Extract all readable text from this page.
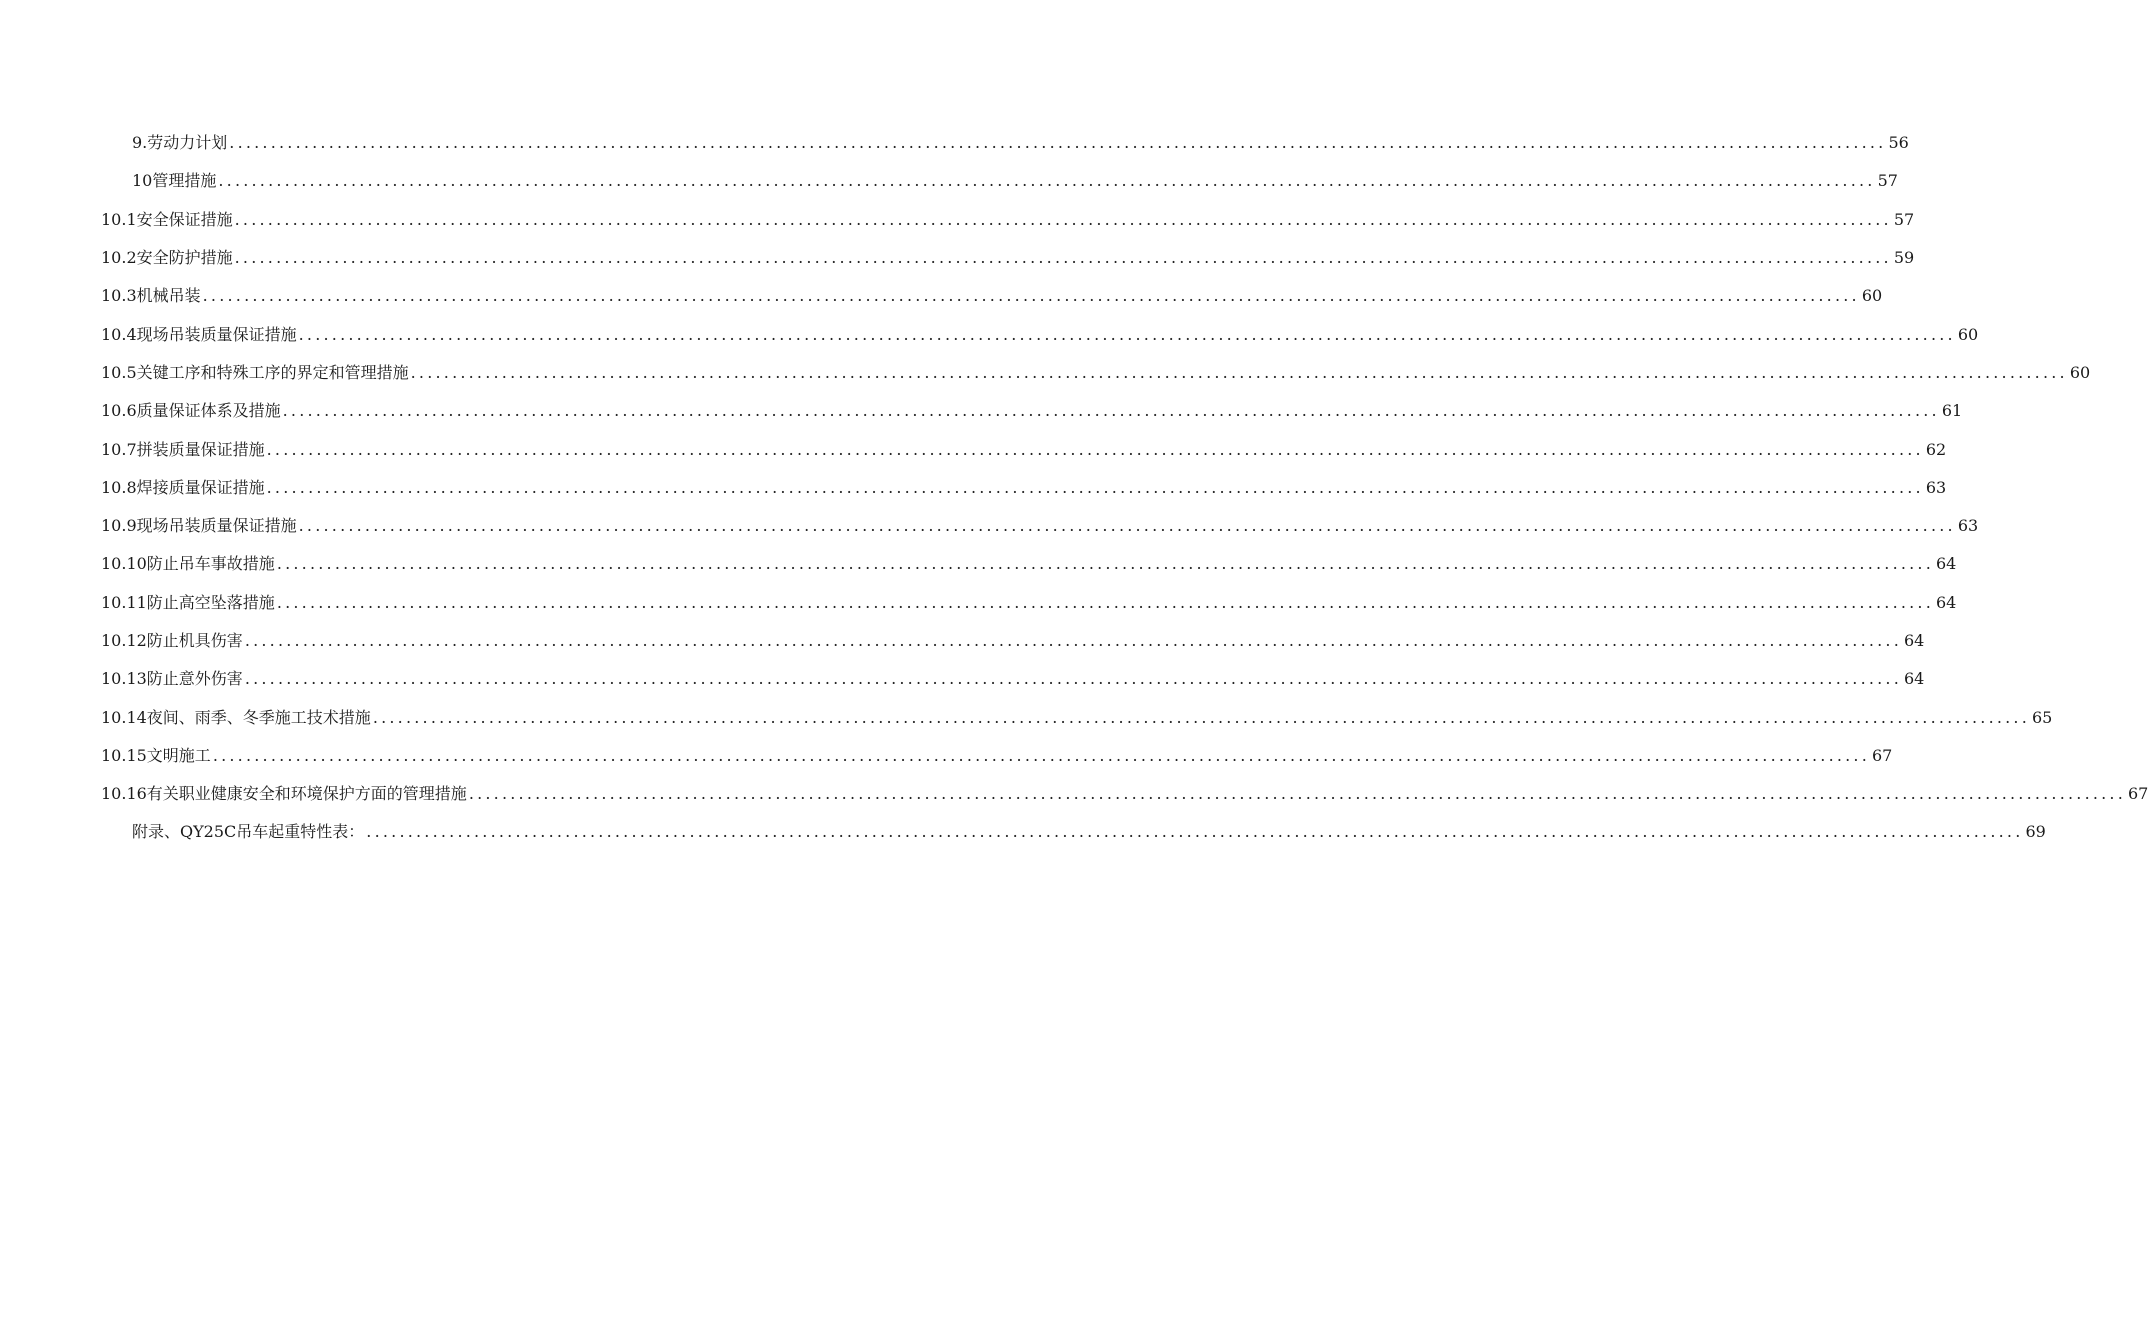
9.劳动力计划 ........................................................................................................................................................................................................ 56
10管理措施 ........................................................................................................................................................................................................ 57
10.1安全保证措施 ........................................................................................................................................................................................................ 57
10.2安全防护措施 ........................................................................................................................................................................................................ 59
10.3机械吊装 ........................................................................................................................................................................................................ 60
10.4现场吊装质量保证措施 ........................................................................................................................................................................................................ 60
10.5关键工序和特殊工序的界定和管理措施 ........................................................................................................................................................................................................ 60
10.6质量保证体系及措施 ........................................................................................................................................................................................................ 61
10.7拼装质量保证措施 ........................................................................................................................................................................................................ 62
10.8焊接质量保证措施 ........................................................................................................................................................................................................ 63
10.9现场吊装质量保证措施 ........................................................................................................................................................................................................ 63
10.10防止吊车事故措施 ........................................................................................................................................................................................................ 64
10.11防止高空坠落措施 ........................................................................................................................................................................................................ 64
10.12防止机具伤害 ........................................................................................................................................................................................................ 64
10.13防止意外伤害 ........................................................................................................................................................................................................ 64
10.14夜间、雨季、冬季施工技术措施 ........................................................................................................................................................................................................ 65
10.15文明施工 ........................................................................................................................................................................................................ 67
10.16有关职业健康安全和环境保护方面的管理措施 ........................................................................................................................................................................................................ 67
附录、QY25C吊车起重特性表： ........................................................................................................................................................................................................ 69
